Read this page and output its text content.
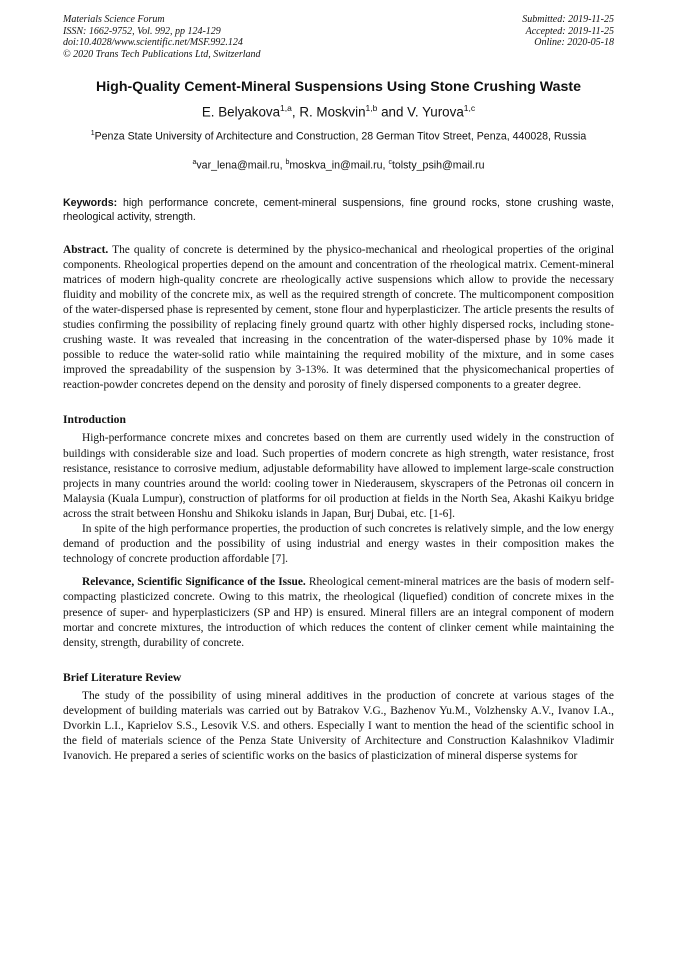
Materials Science Forum
ISSN: 1662-9752, Vol. 992, pp 124-129
doi:10.4028/www.scientific.net/MSF.992.124
© 2020 Trans Tech Publications Ltd, Switzerland
Submitted: 2019-11-25
Accepted: 2019-11-25
Online: 2020-05-18
High-Quality Cement-Mineral Suspensions Using Stone Crushing Waste
E. Belyakova$^{1,a}$, R. Moskvin$^{1,b}$ and V. Yurova$^{1,c}$
$^1$Penza State University of Architecture and Construction, 28 German Titov Street, Penza, 440028, Russia
$^a$var_lena@mail.ru, $^b$moskva_in@mail.ru, $^c$tolsty_psih@mail.ru
Keywords: high performance concrete, cement-mineral suspensions, fine ground rocks, stone crushing waste, rheological activity, strength.
Abstract. The quality of concrete is determined by the physico-mechanical and rheological properties of the original components. Rheological properties depend on the amount and concentration of the rheological matrix. Cement-mineral matrices of modern high-quality concrete are rheologically active suspensions which allow to provide the necessary fluidity and mobility of the concrete mix, as well as the required strength of concrete. The multicomponent composition of the water-dispersed phase is represented by cement, stone flour and hyperplasticizer. The article presents the results of studies confirming the possibility of replacing finely ground quartz with other highly dispersed rocks, including stone-crushing waste. It was revealed that increasing in the concentration of the water-dispersed phase by 10% made it possible to reduce the water-solid ratio while maintaining the required mobility of the mixture, and in some cases improved the spreadability of the suspension by 3-13%. It was determined that the physicomechanical properties of reaction-powder concretes depend on the density and porosity of finely dispersed components to a greater degree.
Introduction

High-performance concrete mixes and concretes based on them are currently used widely in the construction of buildings with considerable size and load. Such properties of modern concrete as high strength, water resistance, frost resistance, resistance to corrosive medium, adjustable deformability have allowed to implement large-scale construction projects in many countries around the world: cooling tower in Niederausem, skyscrapers of the Petronas oil concern in Malaysia (Kuala Lumpur), construction of platforms for oil production at fields in the North Sea, Akashi Kaikyu bridge across the strait between Honshu and Shikoku islands in Japan, Burj Dubai, etc. [1-6].

In spite of the high performance properties, the production of such concretes is relatively simple, and the low energy demand of production and the possibility of using industrial and energy wastes in their composition makes the technology of concrete production affordable [7].

Relevance, Scientific Significance of the Issue. Rheological cement-mineral matrices are the basis of modern self-compacting plasticized concrete. Owing to this matrix, the rheological (liquefied) condition of concrete mixes in the presence of super- and hyperplasticizers (SP and HP) is ensured. Mineral fillers are an integral component of modern mortar and concrete mixtures, the introduction of which reduces the content of clinker cement while maintaining the density, strength, durability of concrete.

Brief Literature Review

The study of the possibility of using mineral additives in the production of concrete at various stages of the development of building materials was carried out by Batrakov V.G., Bazhenov Yu.M., Volzhensky A.V., Ivanov I.A., Dvorkin L.I., Kaprielov S.S., Lesovik V.S. and others. Especially I want to mention the head of the scientific school in the field of materials science of the Penza State University of Architecture and Construction Kalashnikov Vladimir Ivanovich. He prepared a series of scientific works on the basics of plasticization of mineral disperse systems for
